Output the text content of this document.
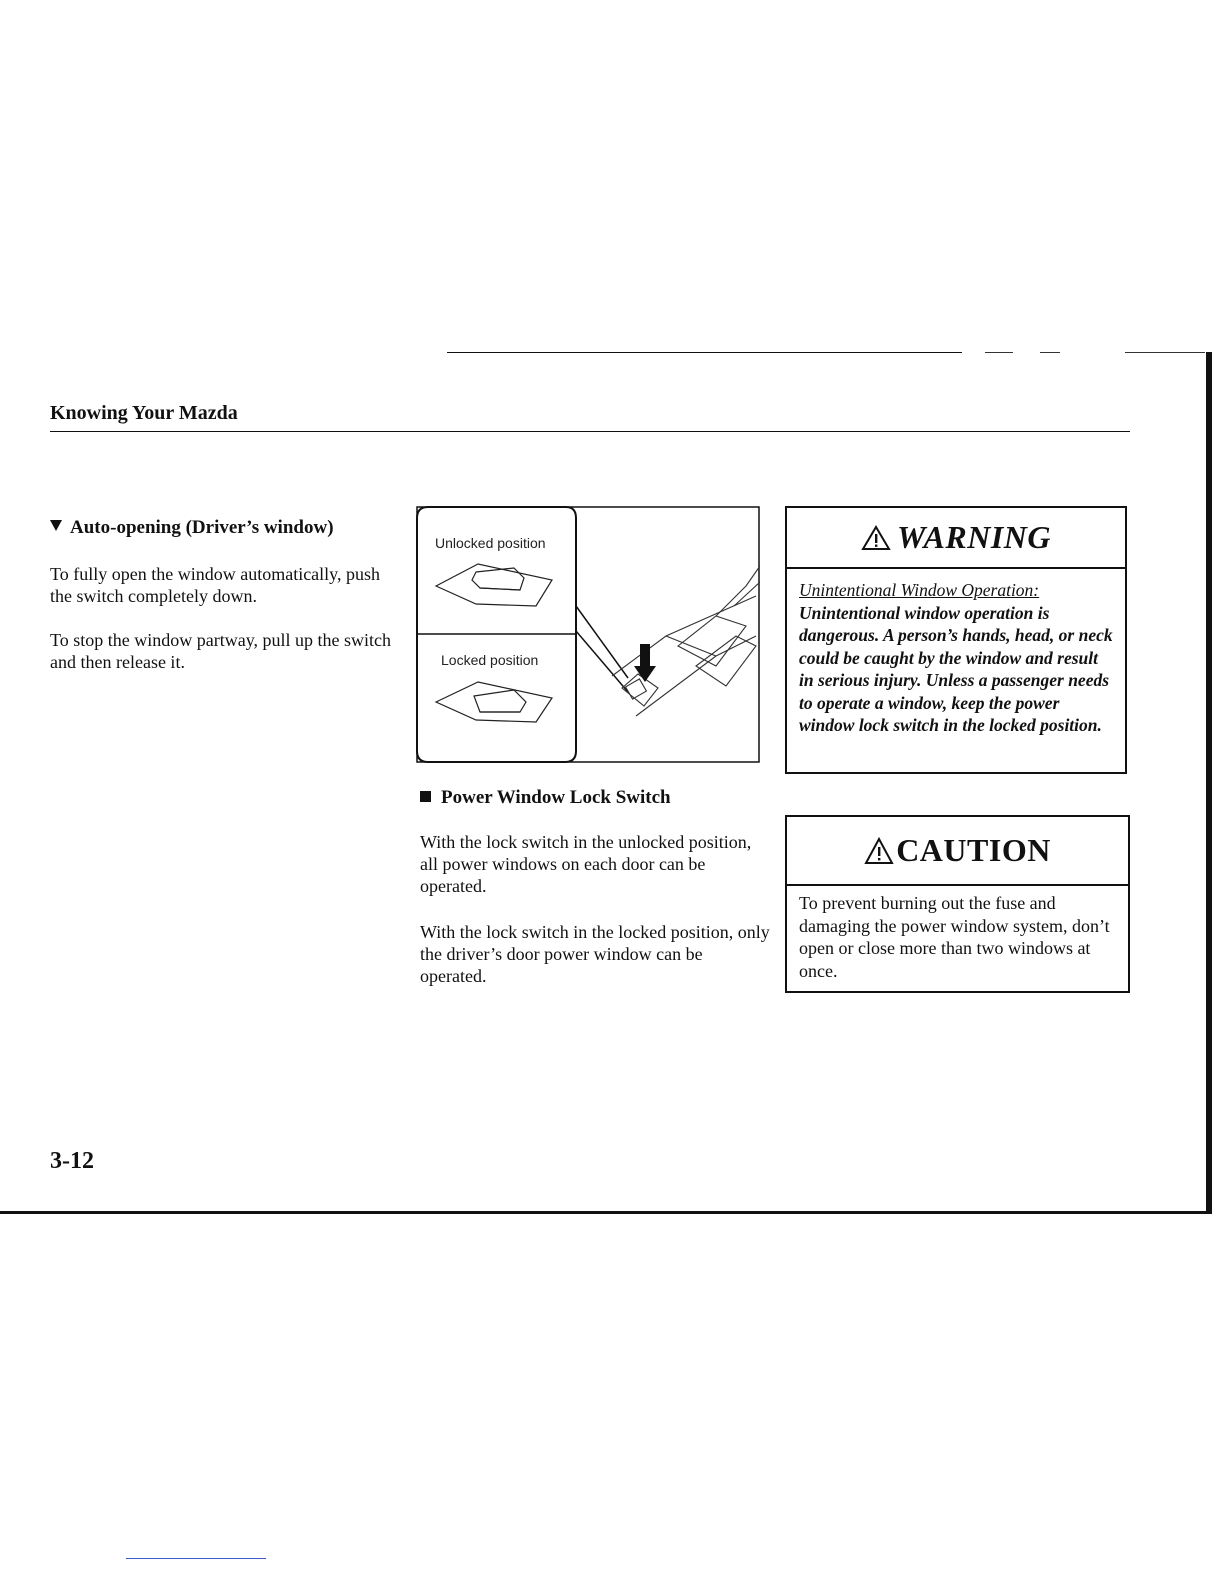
Knowing Your Mazda
Auto-opening (Driver’s window)

To fully open the window automatically, push the switch completely down.

To stop the window partway, pull up the switch and then release it.

Unlocked position
Locked position
Power Window Lock Switch

With the lock switch in the unlocked position, all power windows on each door can be operated.

With the lock switch in the locked position, only the driver’s door power window can be operated.

WARNING
Unintentional Window Operation:
Unintentional window operation is dangerous. A person’s hands, head, or neck could be caught by the window and result in serious injury. Unless a passenger needs to operate a window, keep the power window lock switch in the locked position.
CAUTION
To prevent burning out the fuse and damaging the power window system, don’t open or close more than two windows at once.
3-12
